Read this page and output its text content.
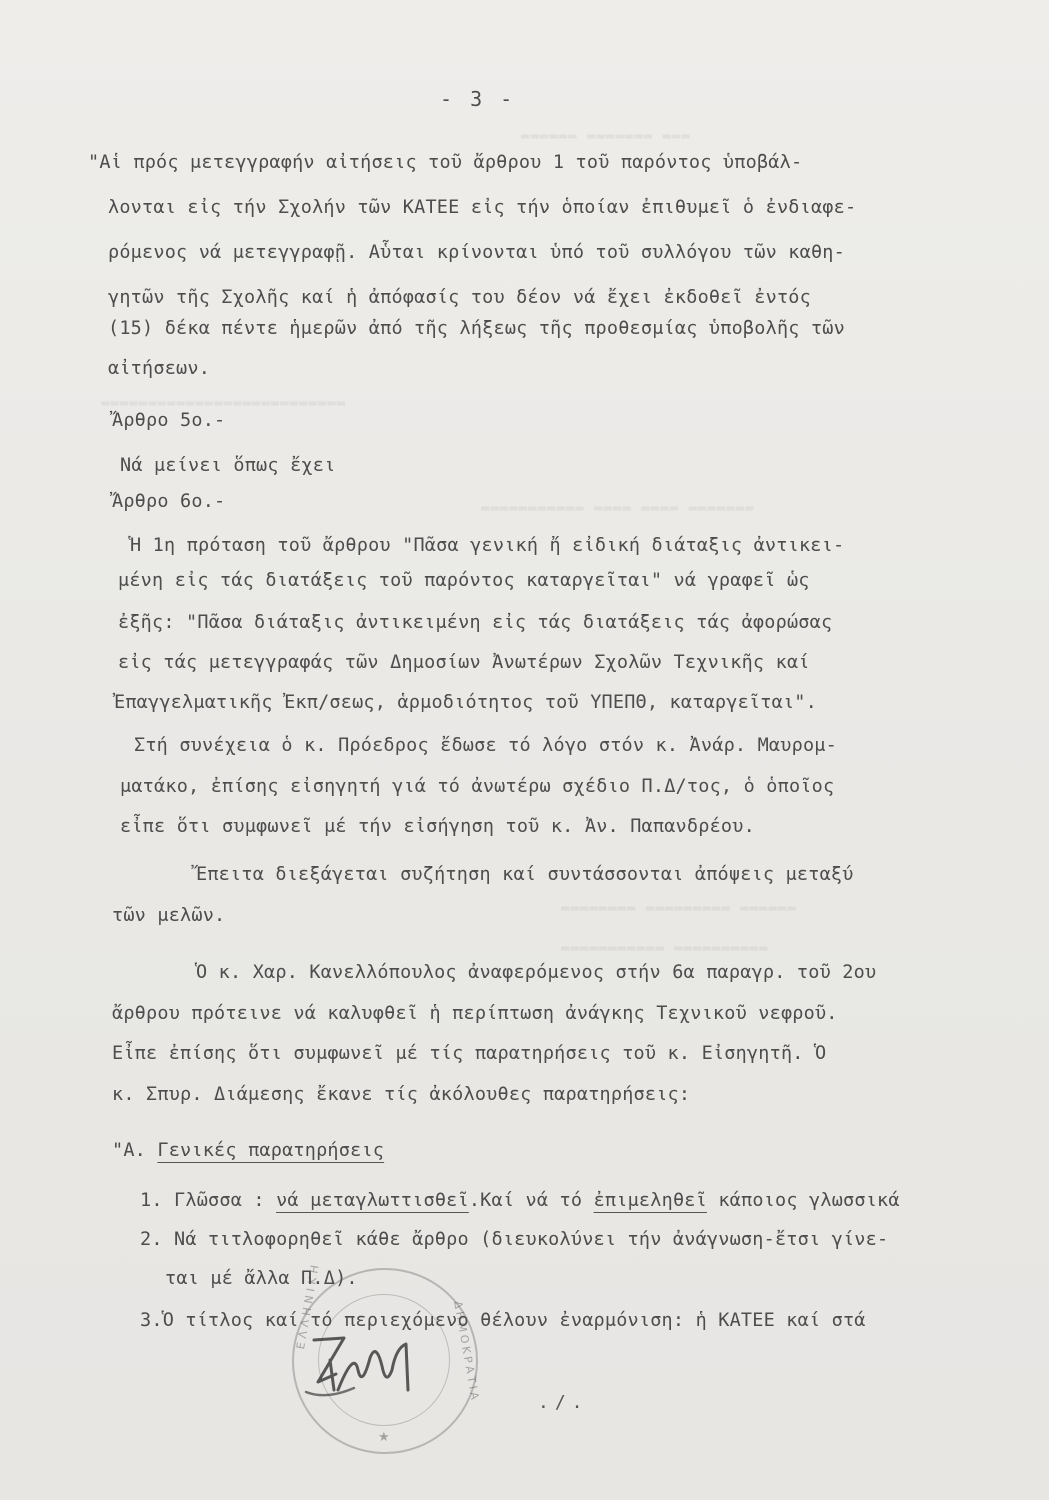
▬▬▬ ▬▬▬▬▬▬▬ ▬▬▬▬▬▬
▬▬▬▬▬▬▬▬▬▬▬▬▬▬▬▬▬▬▬▬▬▬▬▬▬▬
▬▬▬▬▬▬▬ ▬▬▬▬ ▬▬▬▬ ▬▬▬▬▬▬▬▬▬▬▬
▬▬▬▬▬▬ ▬▬▬▬▬▬▬▬▬ ▬▬▬▬▬▬▬▬
▬▬▬▬▬▬▬▬▬▬ ▬▬▬▬▬▬▬▬▬▬▬
- 3 -
"Αἱ πρός μετεγγραφήν αἰτήσεις τοῦ ἄρθρου 1 τοῦ παρόντος ὑποβάλ-
λονται εἰς τήν Σχολήν τῶν ΚΑΤΕΕ εἰς τήν ὁποίαν ἐπιθυμεῖ ὁ ἐνδιαφε-
ρόμενος νά μετεγγραφῇ. Αὗται κρίνονται ὑπό τοῦ συλλόγου τῶν καθη-
γητῶν τῆς Σχολῆς καί ἡ ἀπόφασίς του δέον νά ἔχει ἐκδοθεῖ ἐντός
(15) δέκα πέντε ἡμερῶν ἀπό τῆς λήξεως τῆς προθεσμίας ὑποβολῆς τῶν
αἰτήσεων.
Ἄρθρο 5ο.-
Νά μείνει ὅπως ἔχει
Ἄρθρο 6ο.-
Ἡ 1η πρόταση τοῦ ἄρθρου "Πᾶσα γενική ἤ εἰδική διάταξις ἀντικει-
μένη εἰς τάς διατάξεις τοῦ παρόντος καταργεῖται" νά γραφεῖ ὡς
ἐξῆς: "Πᾶσα διάταξις ἀντικειμένη εἰς τάς διατάξεις τάς ἀφορώσας
εἰς τάς μετεγγραφάς τῶν Δημοσίων Ἀνωτέρων Σχολῶν Τεχνικῆς καί
Ἐπαγγελματικῆς Ἐκπ/σεως, ἁρμοδιότητος τοῦ ΥΠΕΠΘ, καταργεῖται".
Στή συνέχεια ὁ κ. Πρόεδρος ἔδωσε τό λόγο στόν κ. Ἀνάρ. Μαυρομ-
ματάκο, ἐπίσης εἰσηγητή γιά τό ἀνωτέρω σχέδιο Π.Δ/τος, ὁ ὁποῖος
εἶπε ὅτι συμφωνεῖ μέ τήν εἰσήγηση τοῦ κ. Ἀν. Παπανδρέου.
Ἔπειτα διεξάγεται συζήτηση καί συντάσσονται ἀπόψεις μεταξύ
τῶν μελῶν.
Ὁ κ. Χαρ. Κανελλόπουλος ἀναφερόμενος στήν 6α παραγρ. τοῦ 2ου
ἄρθρου πρότεινε νά καλυφθεῖ ἡ περίπτωση ἀνάγκης Τεχνικοῦ νεφροῦ.
Εἶπε ἐπίσης ὅτι συμφωνεῖ μέ τίς παρατηρήσεις τοῦ κ. Εἰσηγητῆ. Ὁ
κ. Σπυρ. Διάμεσης ἔκανε τίς ἀκόλουθες παρατηρήσεις:
"Α. Γενικές παρατηρήσεις
1. Γλῶσσα : νά μεταγλωττισθεῖ.Καί νά τό ἐπιμεληθεῖ κάποιος γλωσσικά
2. Νά τιτλοφορηθεῖ κάθε ἄρθρο (διευκολύνει τήν ἀνάγνωση-ἔτσι γίνε-
ται μέ ἄλλα Π.Δ).
3.Ὁ τίτλος καί τό περιεχόμενο θέλουν ἐναρμόνιση: ἡ ΚΑΤΕΕ καί στά
ΕΛΛΗΝΙΚΗ	ΔΗΜΟΚΡΑΤΙΑ
★
./.
